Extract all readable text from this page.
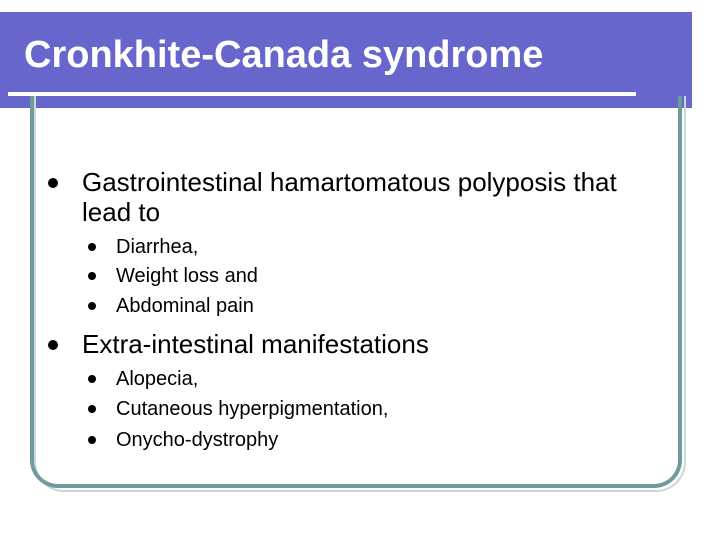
Cronkhite-Canada syndrome
Gastrointestinal hamartomatous polyposis that
lead to
Diarrhea,
Weight loss and
Abdominal pain
Extra-intestinal manifestations
Alopecia,
Cutaneous hyperpigmentation,
Onycho-dystrophy
